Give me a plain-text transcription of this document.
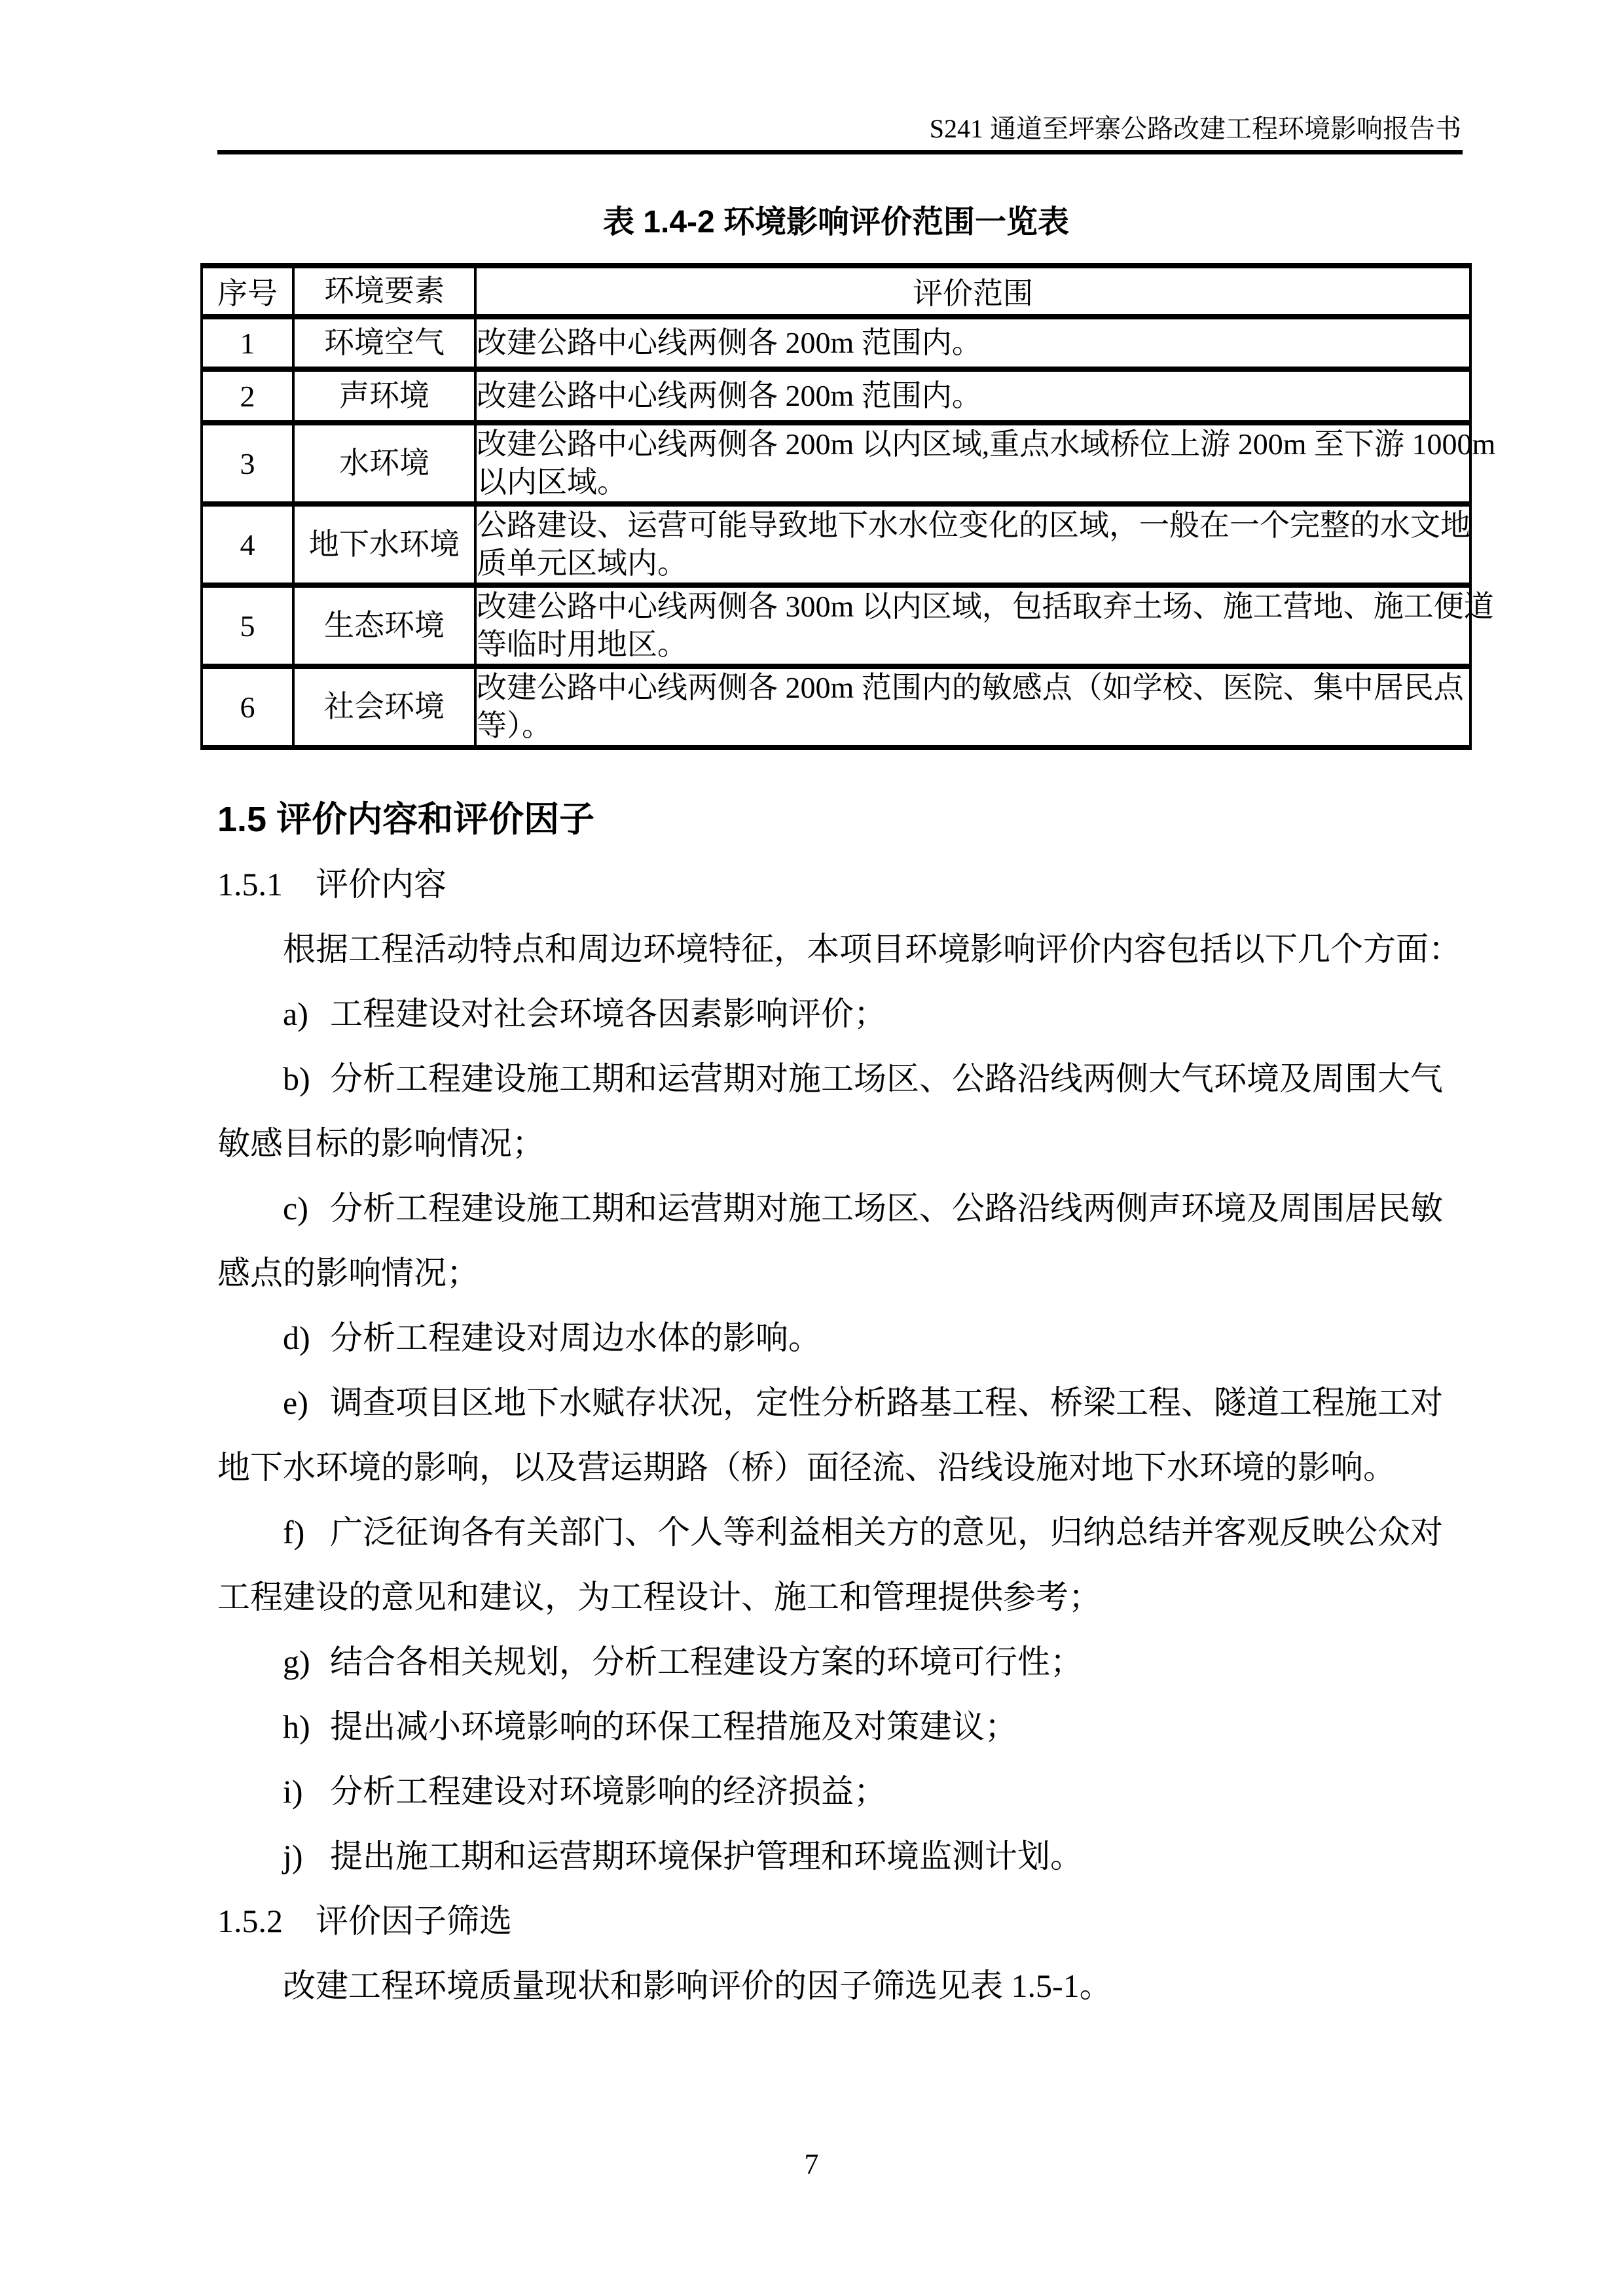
S241 通道至坪寨公路改建工程环境影响报告书
表 1.4-2 环境影响评价范围一览表
序号	环境要素	评价范围
1	环境空气	改建公路中心线两侧各 200m 范围内。

2	声环境	改建公路中心线两侧各 200m 范围内。

3	水环境	改建公路中心线两侧各 200m 以内区域,重点水域桥位上游 200m 至下游 1000m
以内区域。

4	地下水环境	公路建设、运营可能导致地下水水位变化的区域，一般在一个完整的水文地
质单元区域内。

5	生态环境	改建公路中心线两侧各 300m 以内区域，包括取弃土场、施工营地、施工便道
等临时用地区。

6	社会环境	改建公路中心线两侧各 200m 范围内的敏感点（如学校、医院、集中居民点
等）。
1.5 评价内容和评价因子
1.5.1　评价内容
根据工程活动特点和周边环境特征，本项目环境影响评价内容包括以下几个方面：
a) 工程建设对社会环境各因素影响评价；
b) 分析工程建设施工期和运营期对施工场区、公路沿线两侧大气环境及周围大气
敏感目标的影响情况；
c) 分析工程建设施工期和运营期对施工场区、公路沿线两侧声环境及周围居民敏
感点的影响情况；
d) 分析工程建设对周边水体的影响。
e) 调查项目区地下水赋存状况，定性分析路基工程、桥梁工程、隧道工程施工对
地下水环境的影响，以及营运期路（桥）面径流、沿线设施对地下水环境的影响。
f) 广泛征询各有关部门、个人等利益相关方的意见，归纳总结并客观反映公众对
工程建设的意见和建议，为工程设计、施工和管理提供参考；
g) 结合各相关规划，分析工程建设方案的环境可行性；
h) 提出减小环境影响的环保工程措施及对策建议；
i) 分析工程建设对环境影响的经济损益；
j) 提出施工期和运营期环境保护管理和环境监测计划。
1.5.2　评价因子筛选
改建工程环境质量现状和影响评价的因子筛选见表 1.5-1。
7
